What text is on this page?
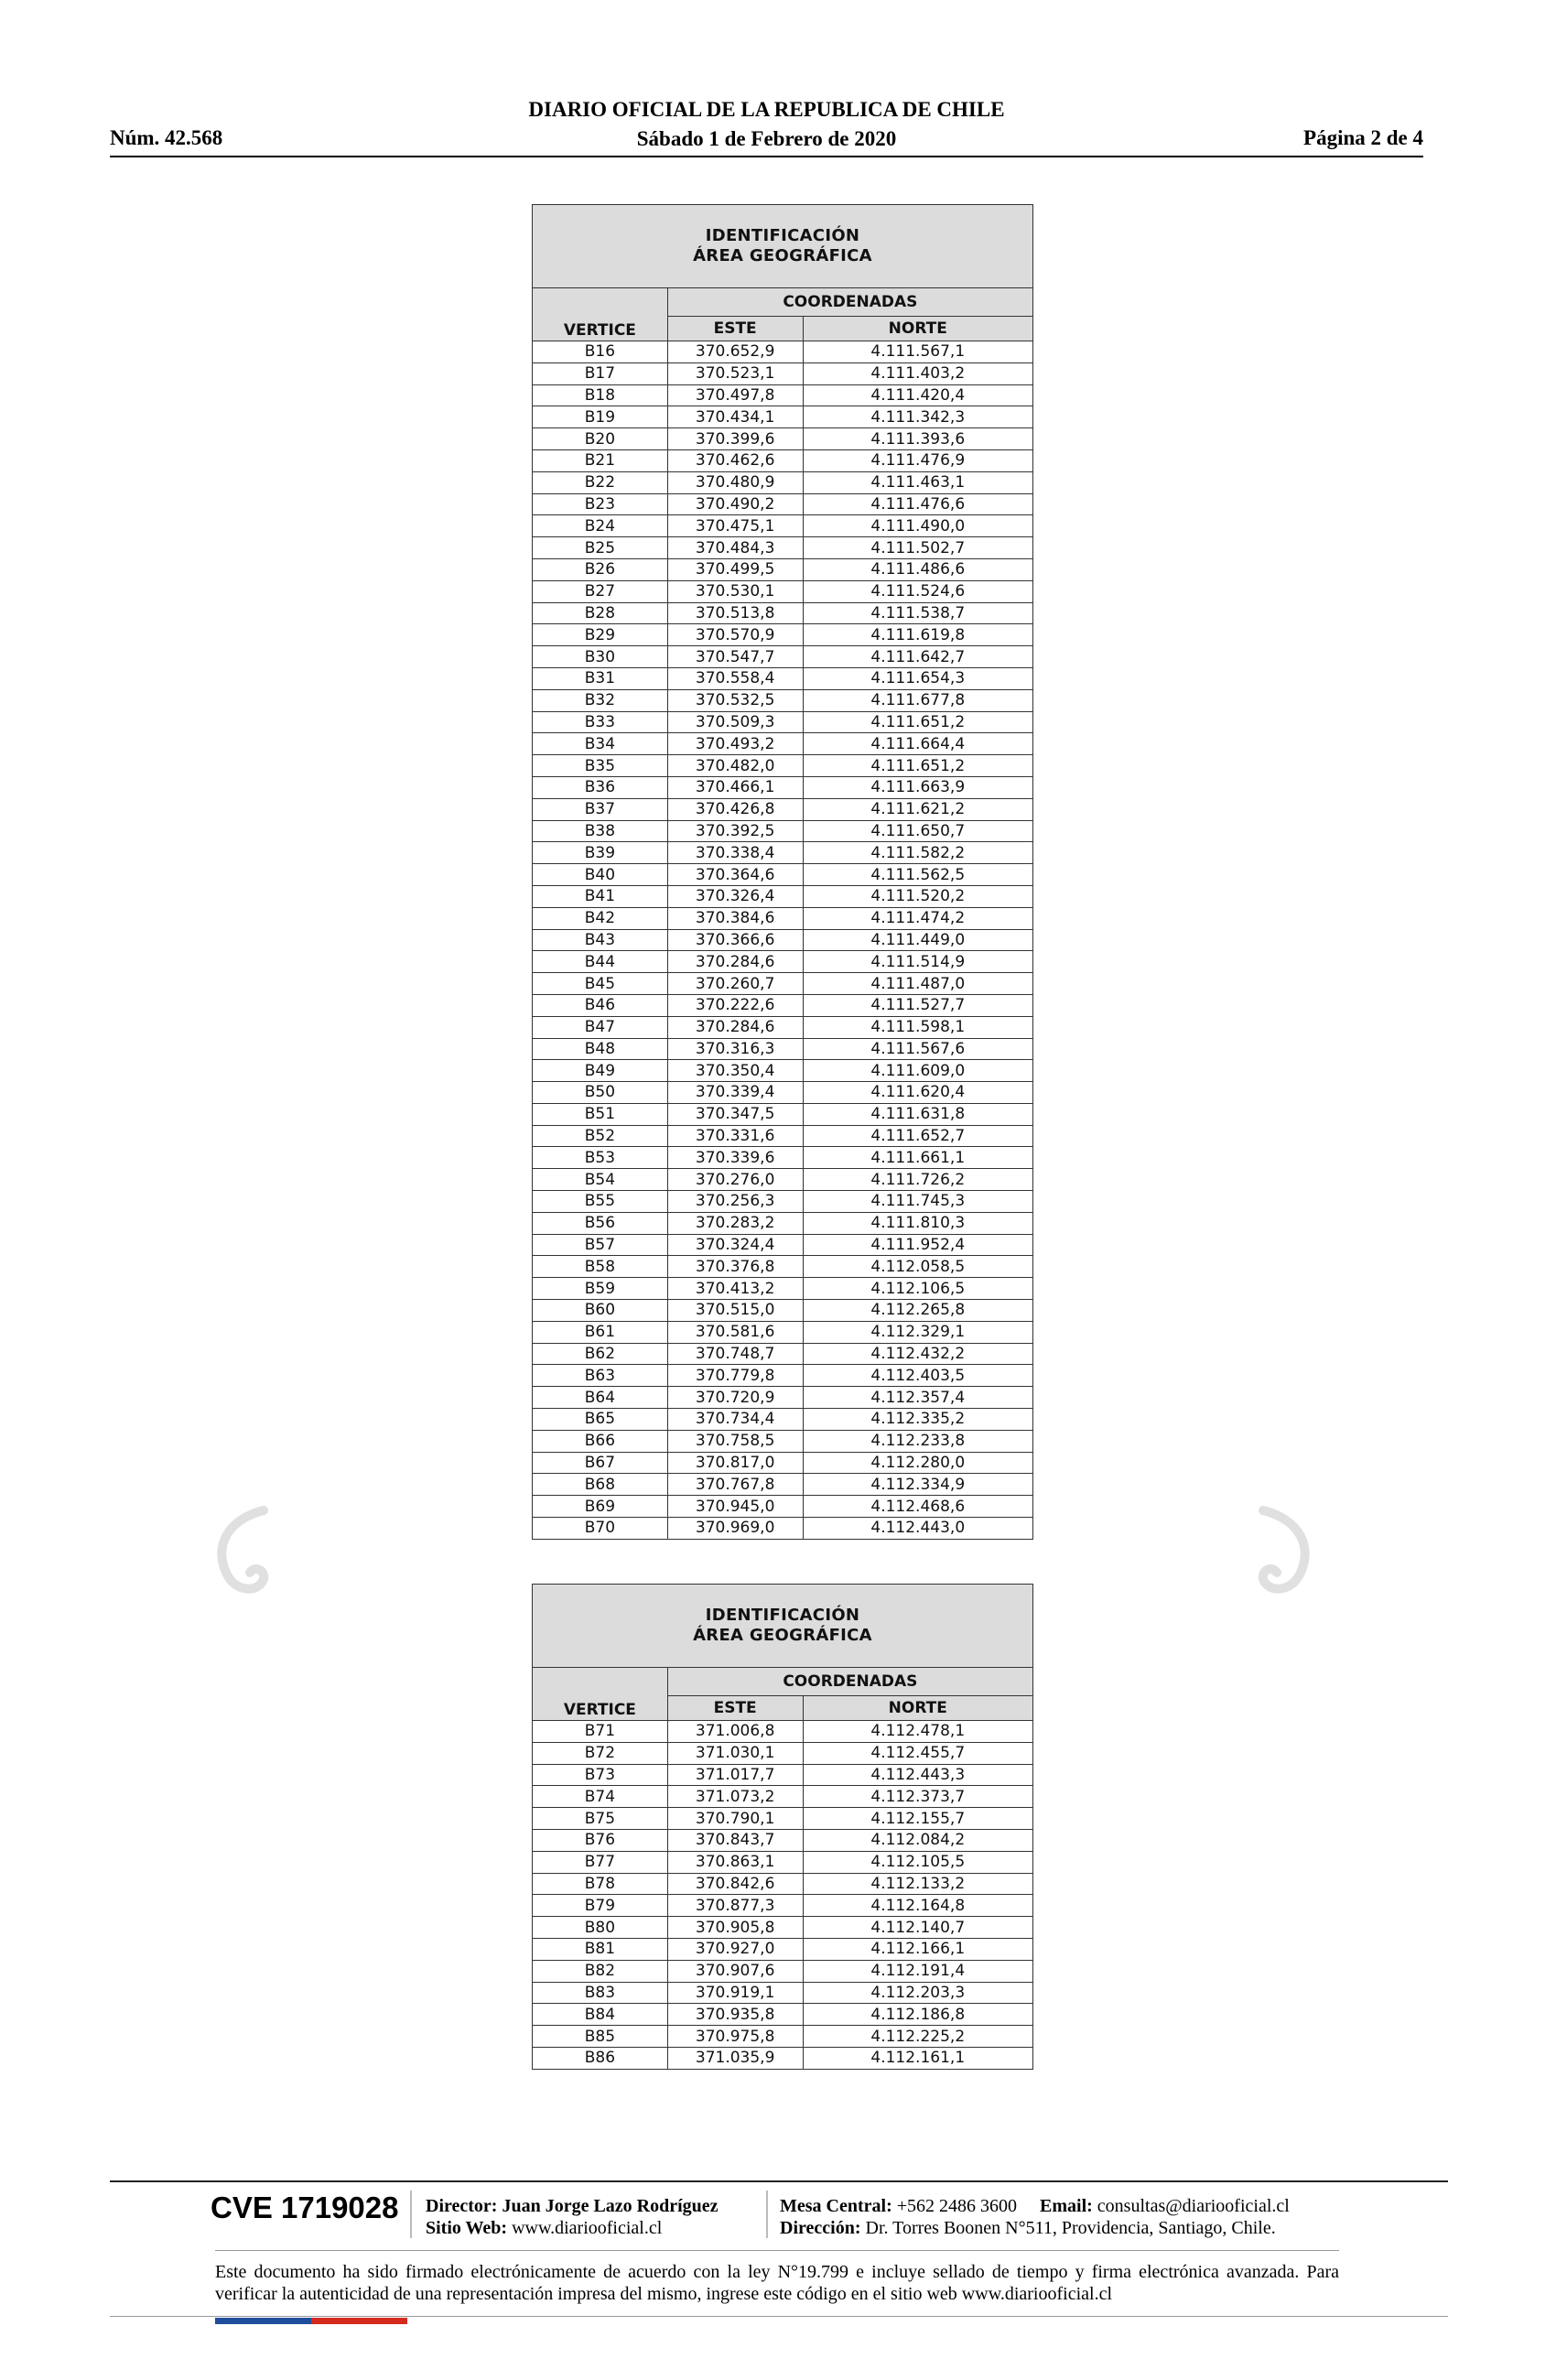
Núm. 42.568
DIARIO OFICIAL DE LA REPUBLICA DE CHILE
Sábado 1 de Febrero de 2020	Página 2 de 4
IDENTIFICACIÓN
ÁREA GEOGRÁFICA		

VERTICE	COORDENADAS	
	ESTE	NORTE
B16	370.652,9	4.111.567,1
B17	370.523,1	4.111.403,2
B18	370.497,8	4.111.420,4
B19	370.434,1	4.111.342,3
B20	370.399,6	4.111.393,6
B21	370.462,6	4.111.476,9
B22	370.480,9	4.111.463,1
B23	370.490,2	4.111.476,6
B24	370.475,1	4.111.490,0
B25	370.484,3	4.111.502,7
B26	370.499,5	4.111.486,6
B27	370.530,1	4.111.524,6
B28	370.513,8	4.111.538,7
B29	370.570,9	4.111.619,8
B30	370.547,7	4.111.642,7
B31	370.558,4	4.111.654,3
B32	370.532,5	4.111.677,8
B33	370.509,3	4.111.651,2
B34	370.493,2	4.111.664,4
B35	370.482,0	4.111.651,2
B36	370.466,1	4.111.663,9
B37	370.426,8	4.111.621,2
B38	370.392,5	4.111.650,7
B39	370.338,4	4.111.582,2
B40	370.364,6	4.111.562,5
B41	370.326,4	4.111.520,2
B42	370.384,6	4.111.474,2
B43	370.366,6	4.111.449,0
B44	370.284,6	4.111.514,9
B45	370.260,7	4.111.487,0
B46	370.222,6	4.111.527,7
B47	370.284,6	4.111.598,1
B48	370.316,3	4.111.567,6
B49	370.350,4	4.111.609,0
B50	370.339,4	4.111.620,4
B51	370.347,5	4.111.631,8
B52	370.331,6	4.111.652,7
B53	370.339,6	4.111.661,1
B54	370.276,0	4.111.726,2
B55	370.256,3	4.111.745,3
B56	370.283,2	4.111.810,3
B57	370.324,4	4.111.952,4
B58	370.376,8	4.112.058,5
B59	370.413,2	4.112.106,5
B60	370.515,0	4.112.265,8
B61	370.581,6	4.112.329,1
B62	370.748,7	4.112.432,2
B63	370.779,8	4.112.403,5
B64	370.720,9	4.112.357,4
B65	370.734,4	4.112.335,2
B66	370.758,5	4.112.233,8
B67	370.817,0	4.112.280,0
B68	370.767,8	4.112.334,9
B69	370.945,0	4.112.468,6
B70	370.969,0	4.112.443,0
IDENTIFICACIÓN
ÁREA GEOGRÁFICA		

VERTICE	COORDENADAS	
	ESTE	NORTE
B71	371.006,8	4.112.478,1
B72	371.030,1	4.112.455,7
B73	371.017,7	4.112.443,3
B74	371.073,2	4.112.373,7
B75	370.790,1	4.112.155,7
B76	370.843,7	4.112.084,2
B77	370.863,1	4.112.105,5
B78	370.842,6	4.112.133,2
B79	370.877,3	4.112.164,8
B80	370.905,8	4.112.140,7
B81	370.927,0	4.112.166,1
B82	370.907,6	4.112.191,4
B83	370.919,1	4.112.203,3
B84	370.935,8	4.112.186,8
B85	370.975,8	4.112.225,2
B86	371.035,9	4.112.161,1
CVE 1719028 Director: Juan Jorge Lazo Rodríguez
Sitio Web: www.diariooficial.cl
Mesa Central: +562 2486 3600 Email: consultas@diariooficial.cl
Dirección: Dr. Torres Boonen N°511, Providencia, Santiago, Chile.
Este documento ha sido firmado electrónicamente de acuerdo con la ley N°19.799 e incluye sellado de tiempo y firma electrónica avanzada. Para verificar la autenticidad de una representación impresa del mismo, ingrese este código en el sitio web www.diariooficial.cl
